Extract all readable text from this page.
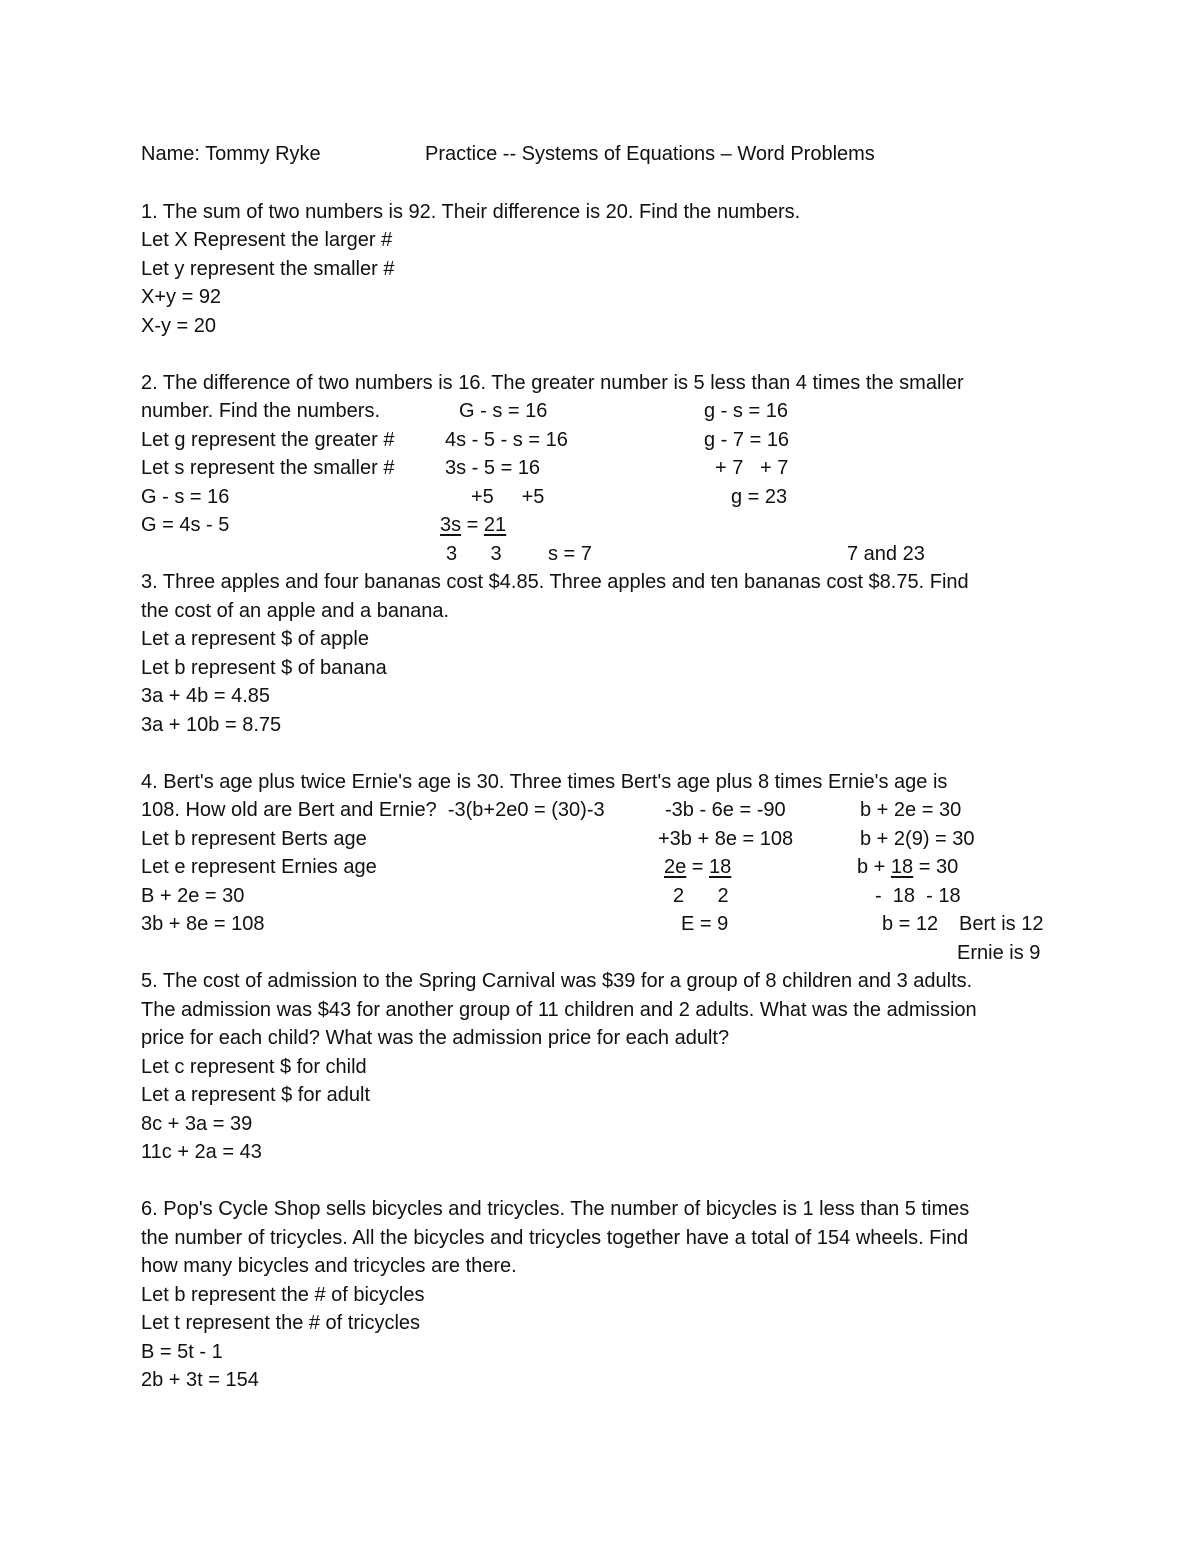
Name: Tommy Ryke	Practice -- Systems of Equations – Word Problems
1. The sum of two numbers is 92. Their difference is 20. Find the numbers.
Let X Represent the larger #
Let y represent the smaller #
X+y = 92
X-y = 20
2. The difference of two numbers is 16. The greater number is 5 less than 4 times the smaller
number. Find the numbers.
Let g represent the greater #
Let s represent the smaller #
G - s = 16
G = 4s - 5
G - s = 16
4s - 5 - s = 16
3s - 5 = 16
+5     +5
3s = 21
3      3 s = 7
g - s = 16
g - 7 = 16
+ 7   + 7
g = 23
7 and 23
3. Three apples and four bananas cost $4.85. Three apples and ten bananas cost $8.75. Find
the cost of an apple and a banana.
Let a represent $ of apple
Let b represent $ of banana
3a + 4b = 4.85
3a + 10b = 8.75
4. Bert's age plus twice Ernie's age is 30. Three times Bert's age plus 8 times Ernie's age is
108. How old are Bert and Ernie?  -3(b+2e0 = (30)-3
Let b represent Berts age
Let e represent Ernies age
B + 2e = 30
3b + 8e = 108
-3b - 6e = -90
+3b + 8e = 108
2e = 18
2      2
E = 9
b + 2e = 30
b + 2(9) = 30
b + 18 = 30
-  18  - 18
b = 12 Bert is 12
Ernie is 9
5. The cost of admission to the Spring Carnival was $39 for a group of 8 children and 3 adults.
The admission was $43 for another group of 11 children and 2 adults. What was the admission
price for each child? What was the admission price for each adult?
Let c represent $ for child
Let a represent $ for adult
8c + 3a = 39
11c + 2a = 43
6. Pop's Cycle Shop sells bicycles and tricycles. The number of bicycles is 1 less than 5 times
the number of tricycles. All the bicycles and tricycles together have a total of 154 wheels. Find
how many bicycles and tricycles are there.
Let b represent the # of bicycles
Let t represent the # of tricycles
B = 5t - 1
2b + 3t = 154
